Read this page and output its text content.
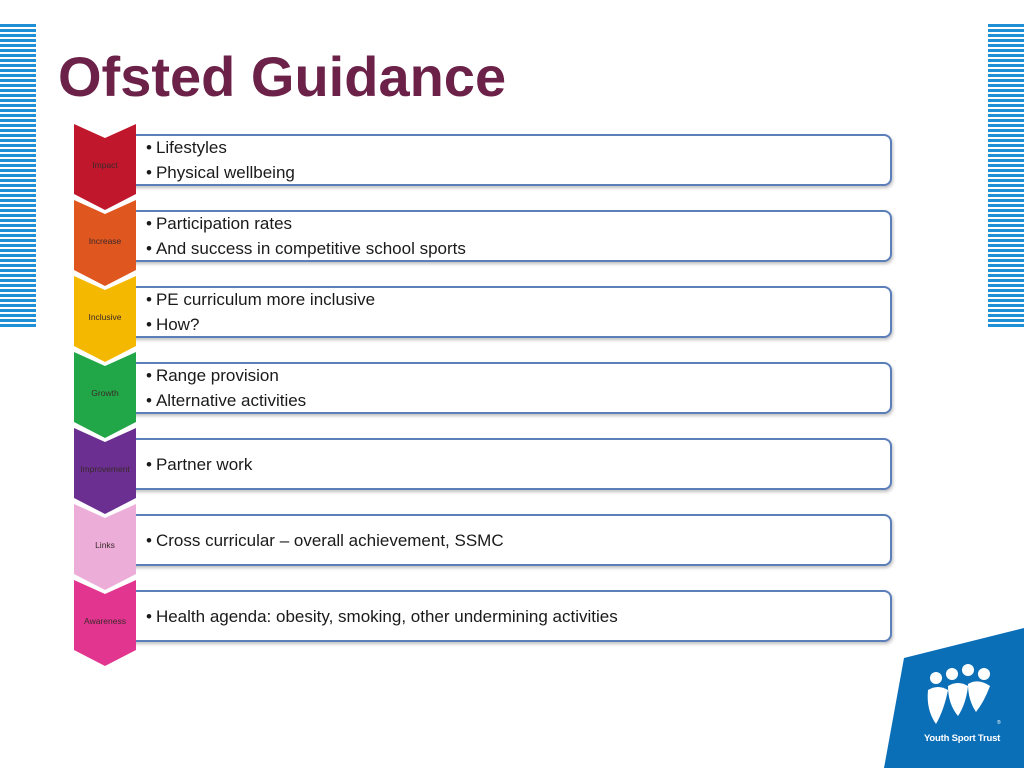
Ofsted Guidance
• Lifestyles
• Physical wellbeing
Impact
• Participation rates
• And success in competitive school sports
Increase
• PE curriculum more inclusive
• How?
Inclusive
• Range provision
• Alternative activities
Growth
• Partner work
Improvement
• Cross curricular – overall achievement, SSMC
Links
• Health agenda: obesity, smoking, other undermining activities
Awareness
®
Youth Sport Trust
